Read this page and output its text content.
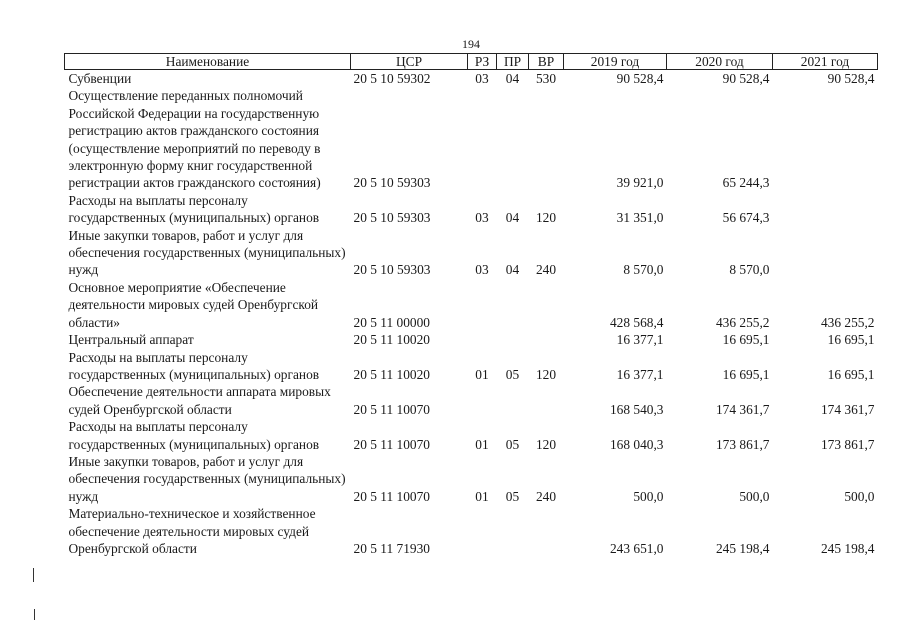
194
Наименование	ЦСР	РЗ	ПР	ВР	2019 год	2020 год	2021 год
Субвенции	20 5 10 59302	03	04	530	90 528,4	90 528,4	90 528,4
Осуществление переданных полномочий Российской Федерации на государственную регистрацию актов гражданского состояния (осуществление мероприятий по переводу в электронную форму книг государственной регистрации актов гражданского состояния)	20 5 10 59303				39 921,0	65 244,3	
Расходы на выплаты персоналу государственных (муниципальных) органов	20 5 10 59303	03	04	120	31 351,0	56 674,3	
Иные закупки товаров, работ и услуг для обеспечения государственных (муниципальных) нужд	20 5 10 59303	03	04	240	8 570,0	8 570,0	
Основное мероприятие «Обеспечение деятельности мировых судей Оренбургской области»	20 5 11 00000				428 568,4	436 255,2	436 255,2
Центральный аппарат	20 5 11 10020				16 377,1	16 695,1	16 695,1
Расходы на выплаты персоналу государственных (муниципальных) органов	20 5 11 10020	01	05	120	16 377,1	16 695,1	16 695,1
Обеспечение деятельности аппарата мировых судей Оренбургской области	20 5 11 10070				168 540,3	174 361,7	174 361,7
Расходы на выплаты персоналу государственных (муниципальных) органов	20 5 11 10070	01	05	120	168 040,3	173 861,7	173 861,7
Иные закупки товаров, работ и услуг для обеспечения государственных (муниципальных) нужд	20 5 11 10070	01	05	240	500,0	500,0	500,0
Материально-техническое и хозяйственное обеспечение деятельности мировых судей Оренбургской области	20 5 11 71930				243 651,0	245 198,4	245 198,4
